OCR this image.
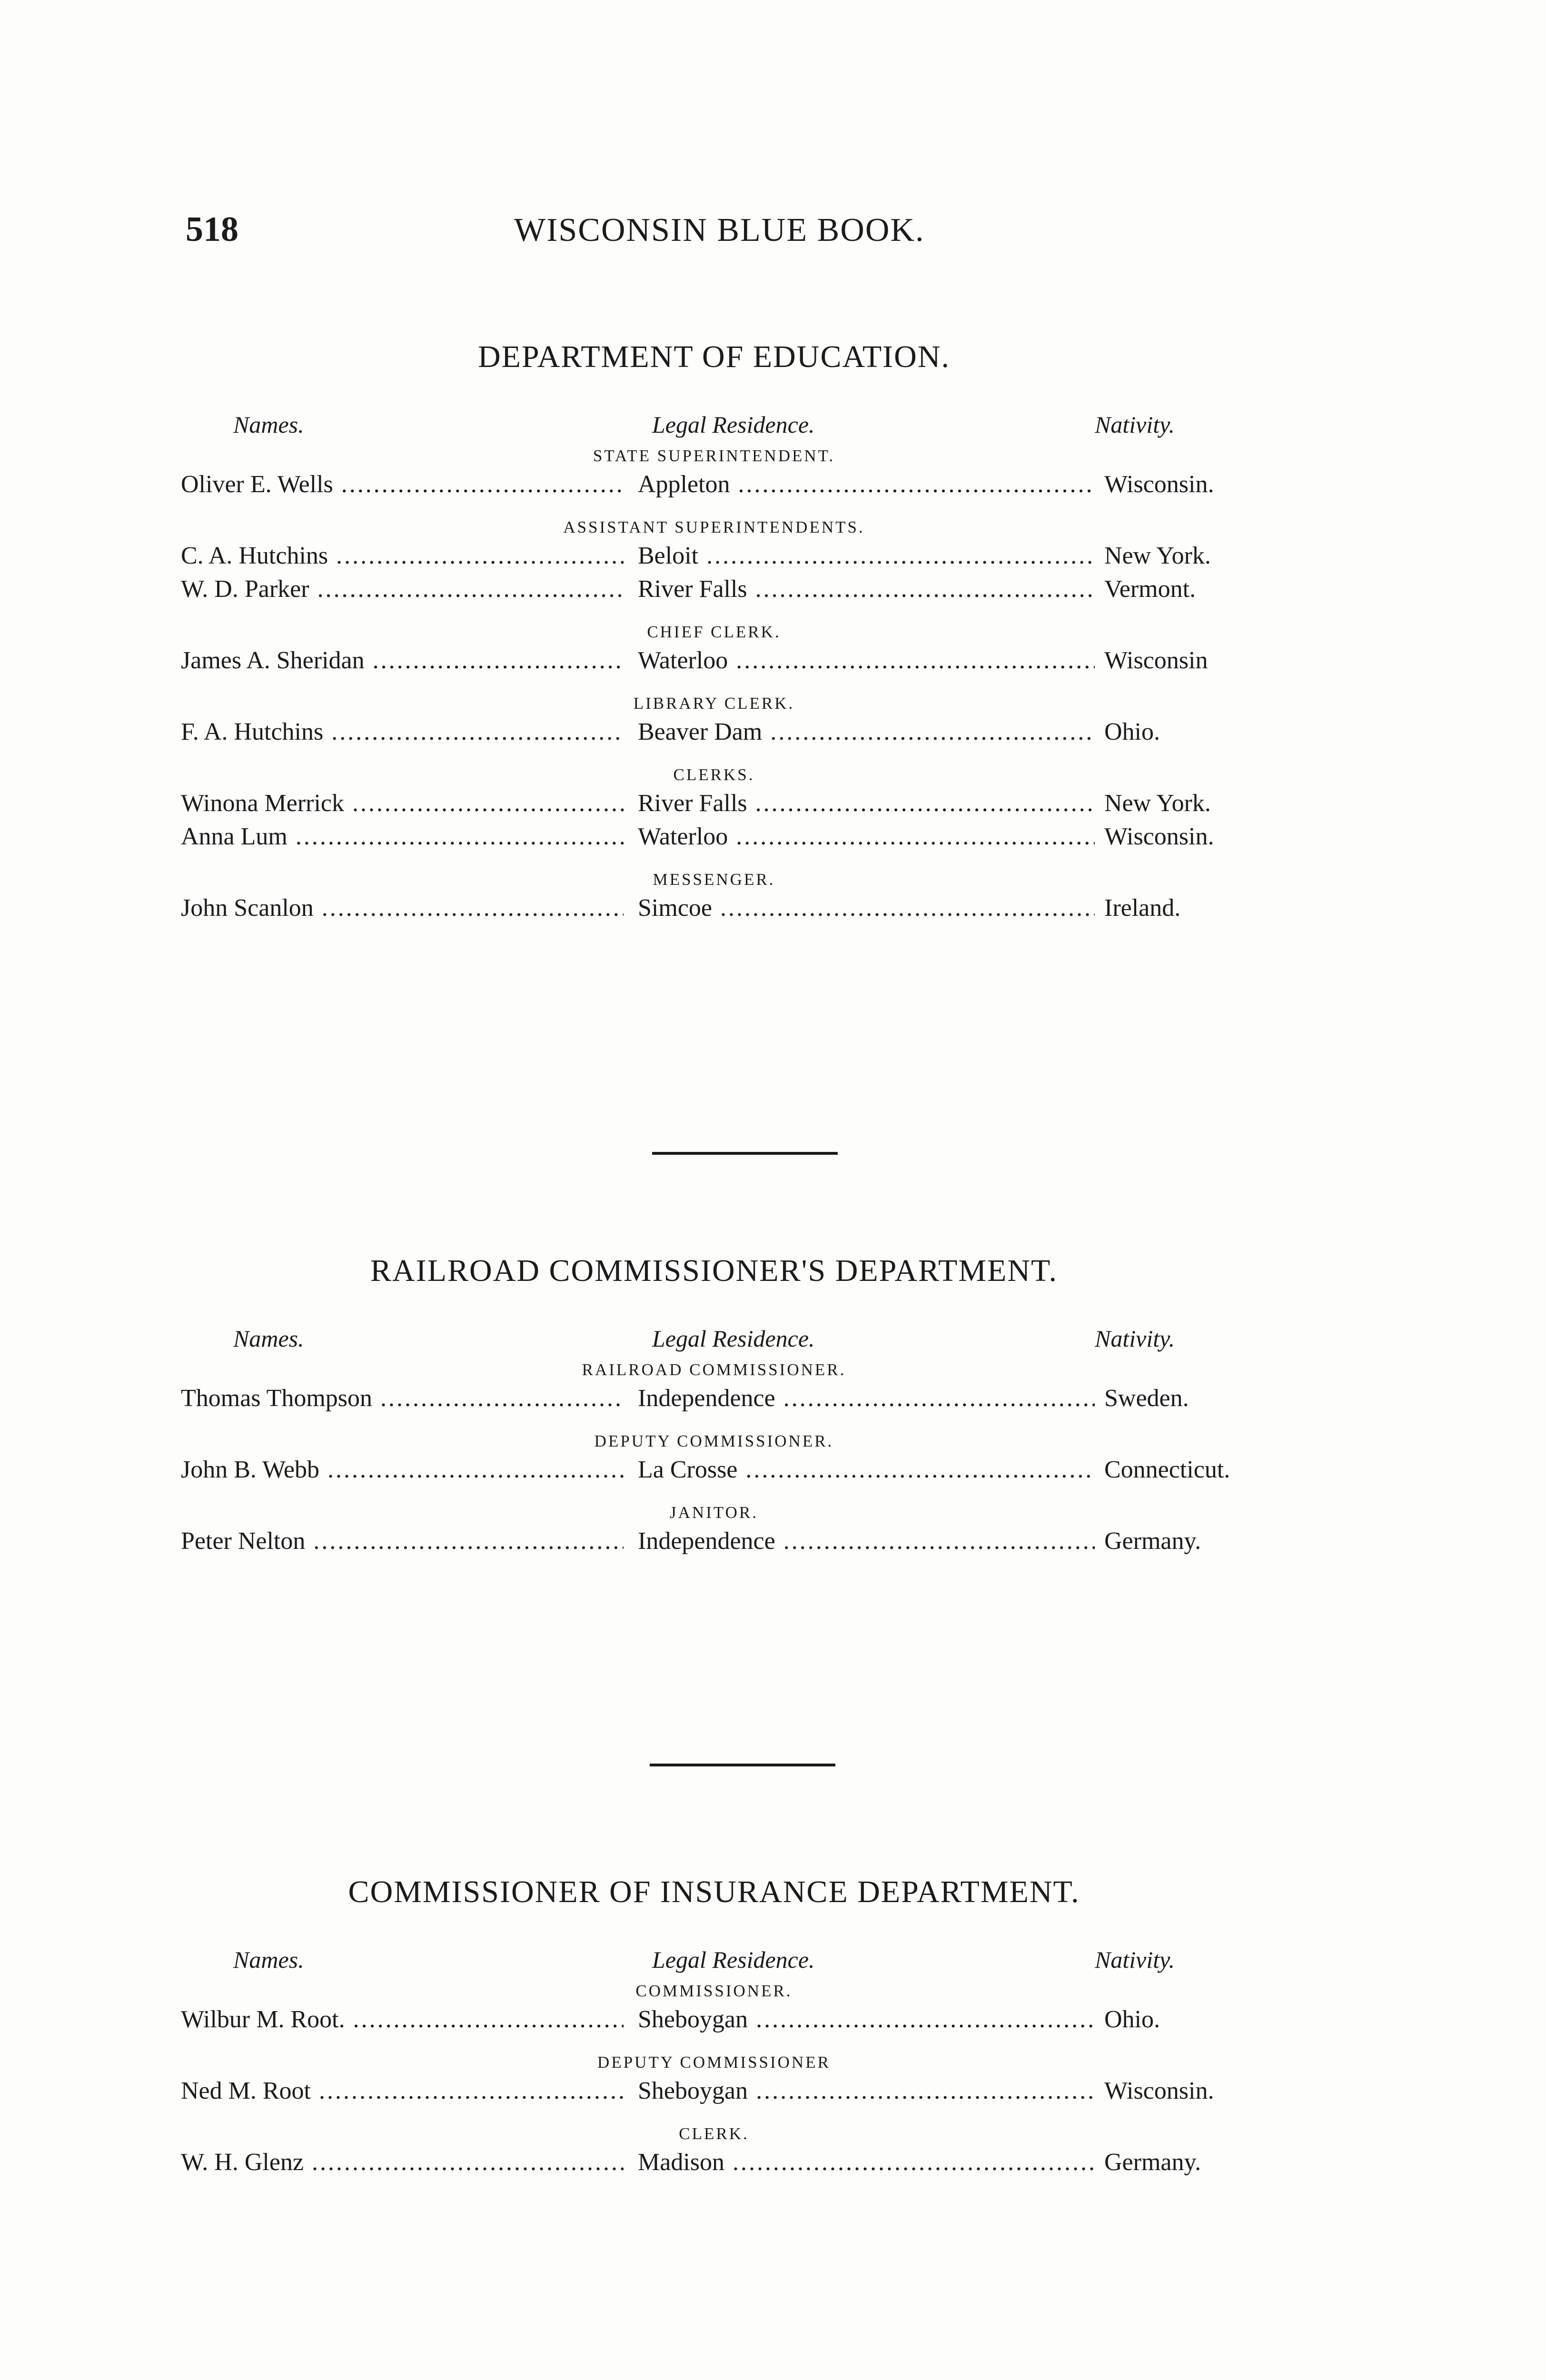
518	WISCONSIN BLUE BOOK.
DEPARTMENT OF EDUCATION.
Names.	Legal Residence.	Nativity.
STATE SUPERINTENDENT.
Oliver E. Wells .....	Appleton .....	Wisconsin.
ASSISTANT SUPERINTENDENTS.
C. A. Hutchins .....	Beloit .....	New York.
W. D. Parker .....	River Falls .....	Vermont.
CHIEF CLERK.
James A. Sheridan .....	Waterloo .....	Wisconsin
LIBRARY CLERK.
F. A. Hutchins .....	Beaver Dam .....	Ohio.
CLERKS.
Winona Merrick .....	River Falls .....	New York.
Anna Lum .....	Waterloo .....	Wisconsin.
MESSENGER.
John Scanlon .....	Simcoe .....	Ireland.
RAILROAD COMMISSIONER'S DEPARTMENT.
Names.	Legal Residence.	Nativity.
RAILROAD COMMISSIONER.
Thomas Thompson .....	Independence .....	Sweden.
DEPUTY COMMISSIONER.
John B. Webb .....	La Crosse .....	Connecticut.
JANITOR.
Peter Nelton .....	Independence .....	Germany.
COMMISSIONER OF INSURANCE DEPARTMENT.
Names.	Legal Residence.	Nativity.
COMMISSIONER.
Wilbur M. Root. .....	Sheboygan .....	Ohio.
DEPUTY COMMISSIONER
Ned M. Root .....	Sheboygan .....	Wisconsin.
CLERK.
W. H. Glenz .....	Madison .....	Germany.
